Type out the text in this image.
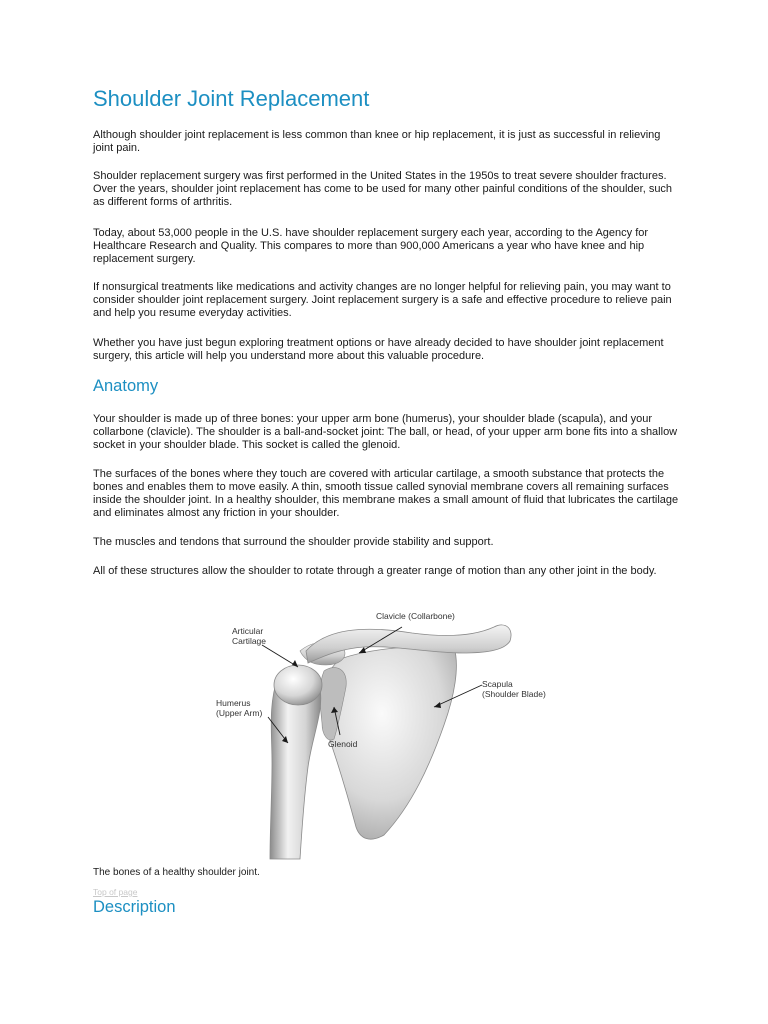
Shoulder Joint Replacement

Although shoulder joint replacement is less common than knee or hip replacement, it is just as successful in relieving joint pain.

Shoulder replacement surgery was first performed in the United States in the 1950s to treat severe shoulder fractures. Over the years, shoulder joint replacement has come to be used for many other painful conditions of the shoulder, such as different forms of arthritis.

Today, about 53,000 people in the U.S. have shoulder replacement surgery each year, according to the Agency for Healthcare Research and Quality. This compares to more than 900,000 Americans a year who have knee and hip replacement surgery.

If nonsurgical treatments like medications and activity changes are no longer helpful for relieving pain, you may want to consider shoulder joint replacement surgery. Joint replacement surgery is a safe and effective procedure to relieve pain and help you resume everyday activities.

Whether you have just begun exploring treatment options or have already decided to have shoulder joint replacement surgery, this article will help you understand more about this valuable procedure.

Anatomy

Your shoulder is made up of three bones: your upper arm bone (humerus), your shoulder blade (scapula), and your collarbone (clavicle). The shoulder is a ball-and-socket joint: The ball, or head, of your upper arm bone fits into a shallow socket in your shoulder blade. This socket is called the glenoid.

The surfaces of the bones where they touch are covered with articular cartilage, a smooth substance that protects the bones and enables them to move easily. A thin, smooth tissue called synovial membrane covers all remaining surfaces inside the shoulder joint. In a healthy shoulder, this membrane makes a small amount of fluid that lubricates the cartilage and eliminates almost any friction in your shoulder.

The muscles and tendons that surround the shoulder provide stability and support.

All of these structures allow the shoulder to rotate through a greater range of motion than any other joint in the body.

The bones of a healthy shoulder joint.

Top of page
Description
Clavicle (Collarbone)
Articular
Cartilage
Scapula
(Shoulder Blade)
Humerus
(Upper Arm)
Glenoid
